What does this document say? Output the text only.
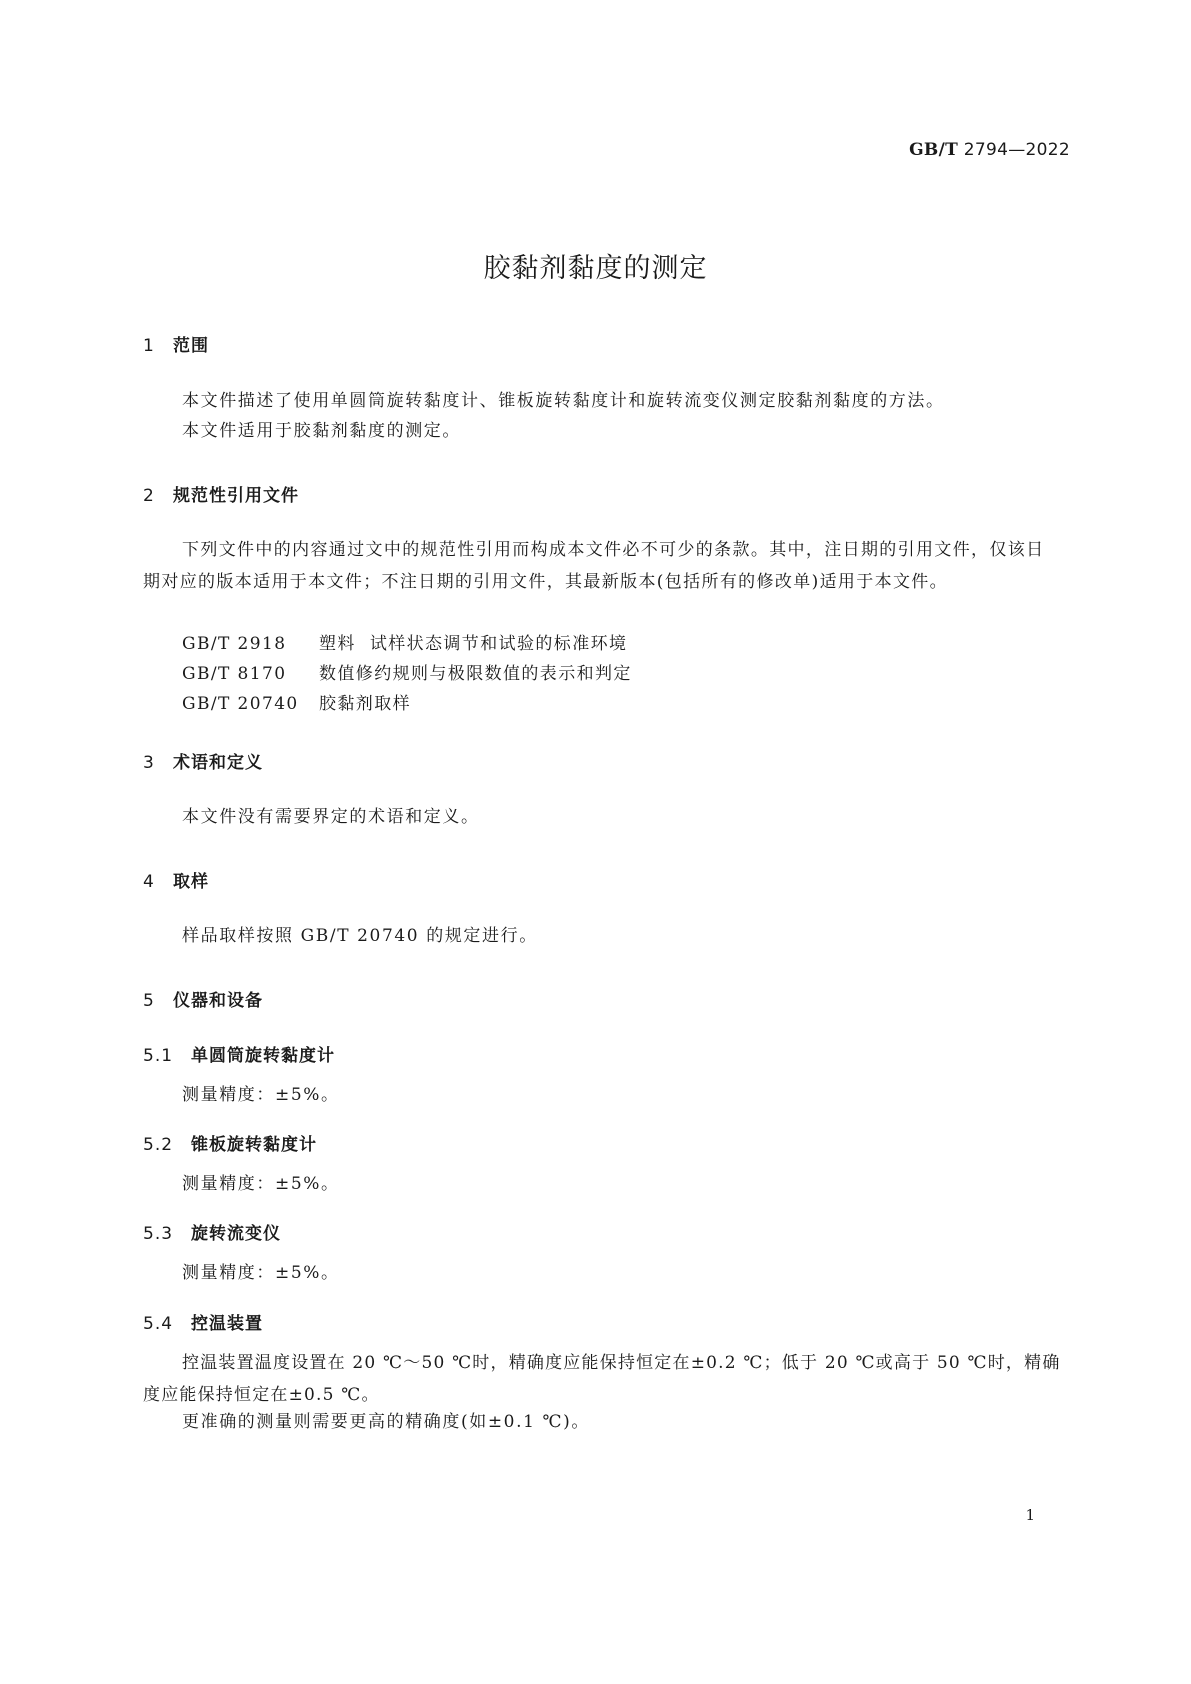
GB/T 2794—2022
胶黏剂黏度的测定
1 范围
本文件描述了使用单圆筒旋转黏度计、锥板旋转黏度计和旋转流变仪测定胶黏剂黏度的方法。
本文件适用于胶黏剂黏度的测定。
2 规范性引用文件
下列文件中的内容通过文中的规范性引用而构成本文件必不可少的条款。其中，注日期的引用文件，仅该日期对应的版本适用于本文件；不注日期的引用文件，其最新版本(包括所有的修改单)适用于本文件。
GB/T 2918 塑料 试样状态调节和试验的标准环境
GB/T 8170 数值修约规则与极限数值的表示和判定
GB/T 20740 胶黏剂取样
3 术语和定义
本文件没有需要界定的术语和定义。
4 取样
样品取样按照 GB/T 20740 的规定进行。
5 仪器和设备
5.1 单圆筒旋转黏度计
测量精度：±5%。
5.2 锥板旋转黏度计
测量精度：±5%。
5.3 旋转流变仪
测量精度：±5%。
5.4 控温装置
控温装置温度设置在 20 ℃～50 ℃时，精确度应能保持恒定在±0.2 ℃；低于 20 ℃或高于 50 ℃时，精确度应能保持恒定在±0.5 ℃。
更准确的测量则需要更高的精确度(如±0.1 ℃)。
1
